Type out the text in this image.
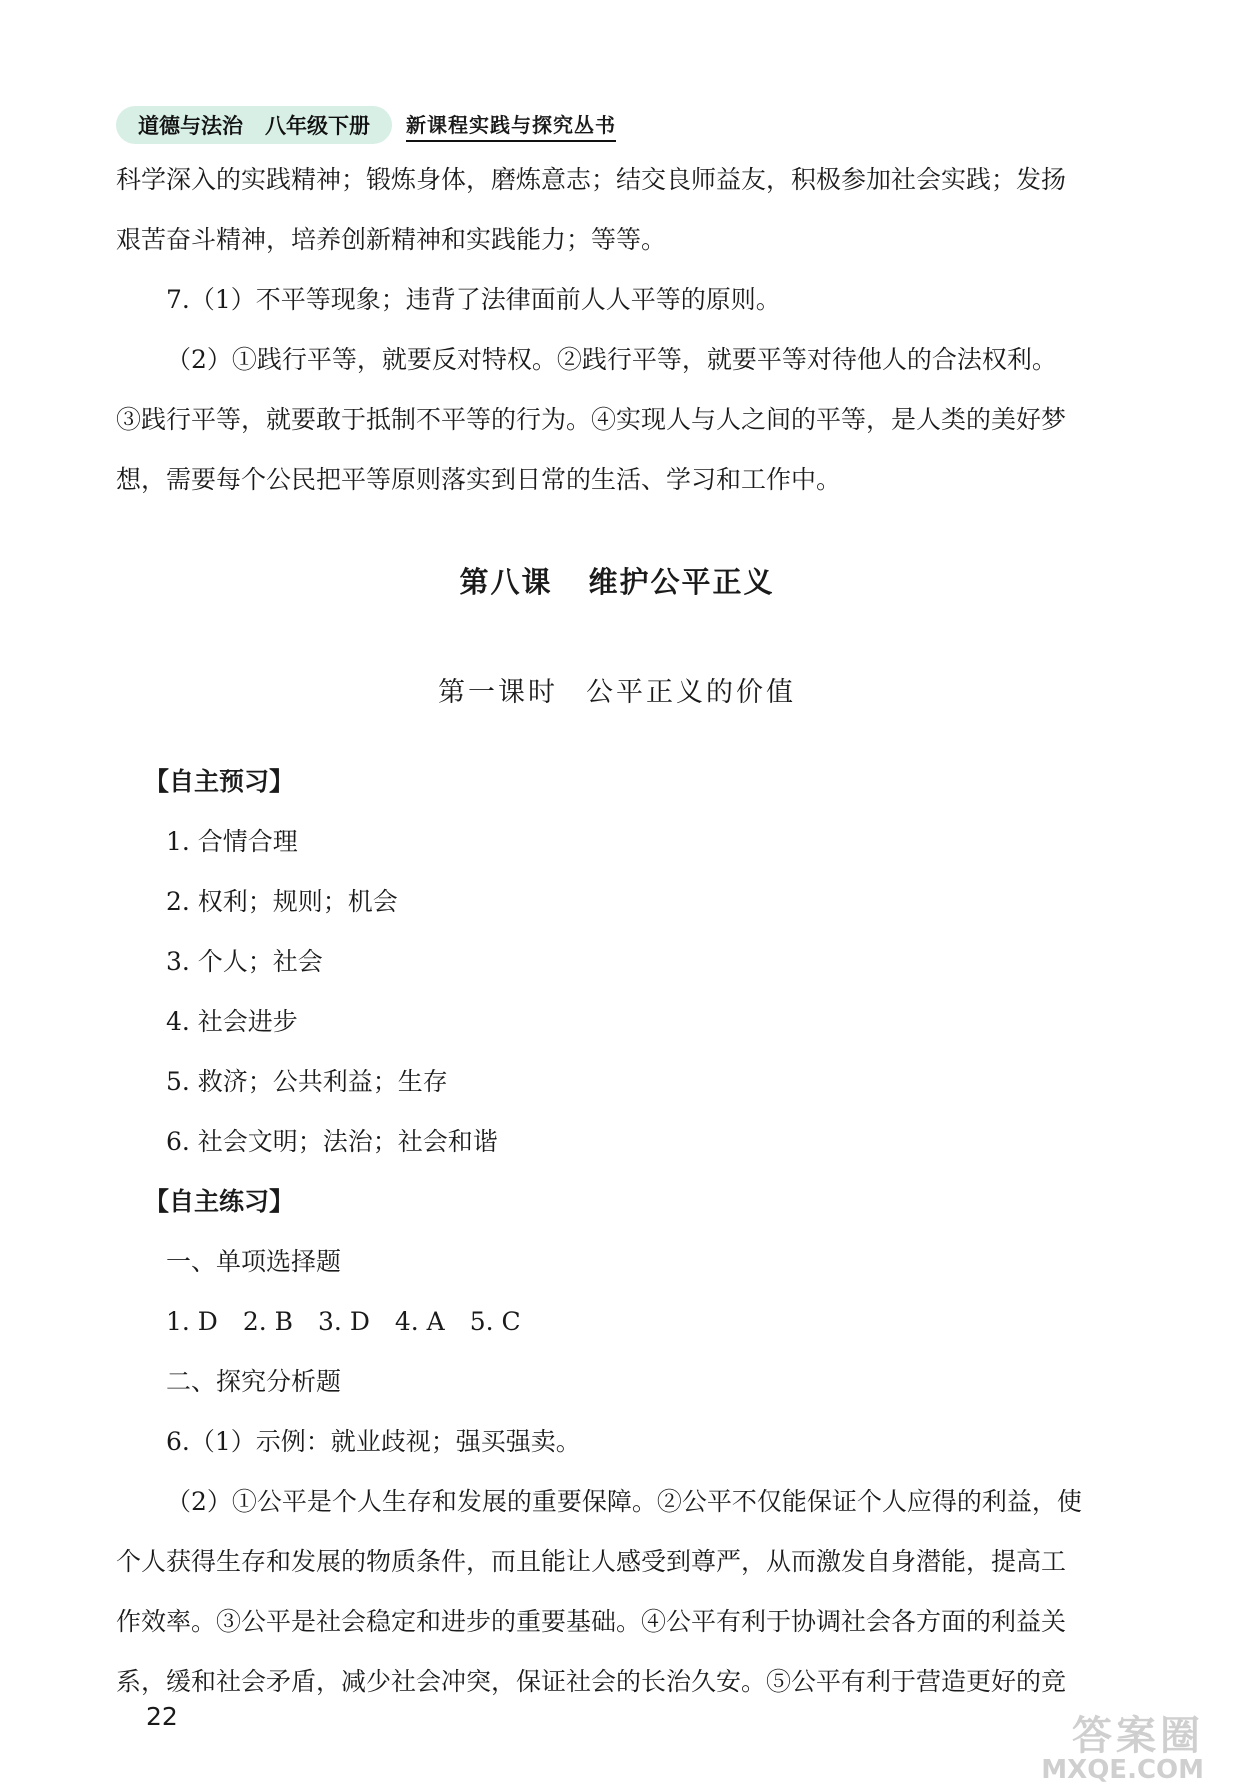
道德与法治 八年级下册 新课程实践与探究丛书
科学深入的实践精神；锻炼身体，磨炼意志；结交良师益友，积极参加社会实践；发扬
艰苦奋斗精神，培养创新精神和实践能力；等等。
7.（1）不平等现象；违背了法律面前人人平等的原则。
（2）①践行平等，就要反对特权。②践行平等，就要平等对待他人的合法权利。
③践行平等，就要敢于抵制不平等的行为。④实现人与人之间的平等，是人类的美好梦
想，需要每个公民把平等原则落实到日常的生活、学习和工作中。
第八课 维护公平正义
第一课时 公平正义的价值
【自主预习】
1. 合情合理
2. 权利；规则；机会
3. 个人；社会
4. 社会进步
5. 救济；公共利益；生存
6. 社会文明；法治；社会和谐
【自主练习】
一、单项选择题
1. D　2. B　3. D　4. A　5. C
二、探究分析题
6.（1）示例：就业歧视；强买强卖。
（2）①公平是个人生存和发展的重要保障。②公平不仅能保证个人应得的利益，使
个人获得生存和发展的物质条件，而且能让人感受到尊严，从而激发自身潜能，提高工
作效率。③公平是社会稳定和进步的重要基础。④公平有利于协调社会各方面的利益关
系，缓和社会矛盾，减少社会冲突，保证社会的长治久安。⑤公平有利于营造更好的竞
22	答案圈
MXQE.COM
